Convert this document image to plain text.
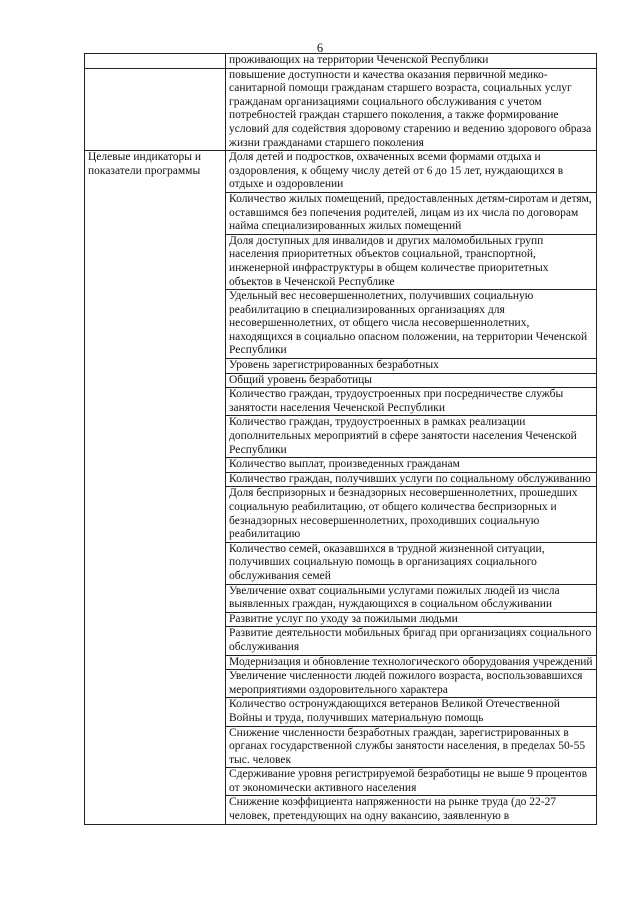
6

	проживающих на территории Чеченской Республики

	повышение доступности и качества оказания первичной медико-санитарной помощи гражданам старшего возраста, социальных услуг гражданам организациями социального обслуживания с учетом потребностей граждан старшего поколения, а также формирование условий для содействия здоровому старению и ведению здорового образа жизни гражданами старшего поколения

Целевые индикаторы и показатели программы	Доля детей и подростков, охваченных всеми формами отдыха и оздоровления, к общему числу детей от 6 до 15 лет, нуждающихся в отдыхе и оздоровлении

	Количество жилых помещений, предоставленных детям-сиротам и детям, оставшимся без попечения родителей, лицам из их числа по договорам найма специализированных жилых помещений

	Доля доступных для инвалидов и других маломобильных групп населения приоритетных объектов социальной, транспортной, инженерной инфраструктуры в общем количестве приоритетных объектов в Чеченской Республике

	Удельный вес несовершеннолетних, получивших социальную реабилитацию в специализированных организациях для несовершеннолетних, от общего числа несовершеннолетних, находящихся в социально опасном положении, на территории Чеченской Республики

	Уровень зарегистрированных безработных

	Общий уровень безработицы

	Количество граждан, трудоустроенных при посредничестве службы занятости населения Чеченской Республики

	Количество граждан, трудоустроенных в рамках реализации дополнительных мероприятий в сфере занятости населения Чеченской Республики

	Количество выплат, произведенных гражданам

	Количество граждан, получивших услуги по социальному обслуживанию

	Доля беспризорных и безнадзорных несовершеннолетних, прошедших социальную реабилитацию, от общего количества беспризорных и безнадзорных несовершеннолетних, проходивших социальную реабилитацию

	Количество семей, оказавшихся в трудной жизненной ситуации, получивших социальную помощь в организациях социального обслуживания семей

	Увеличение охват социальными услугами пожилых людей из числа выявленных граждан, нуждающихся в социальном обслуживании

	Развитие услуг по уходу за пожилыми людьми

	Развитие деятельности мобильных бригад при организациях социального обслуживания

	Модернизация и обновление технологического оборудования учреждений

	Увеличение численности людей пожилого возраста, воспользовавшихся мероприятиями оздоровительного характера

	Количество остронуждающихся ветеранов Великой Отечественной Войны и труда, получивших материальную помощь

	Снижение численности безработных граждан, зарегистрированных в органах государственной службы занятости населения, в пределах 50-55 тыс. человек

	Сдерживание уровня регистрируемой безработицы не выше 9 процентов от экономически активного населения

	Снижение коэффициента напряженности на рынке труда (до 22-27 человек, претендующих на одну вакансию, заявленную в
